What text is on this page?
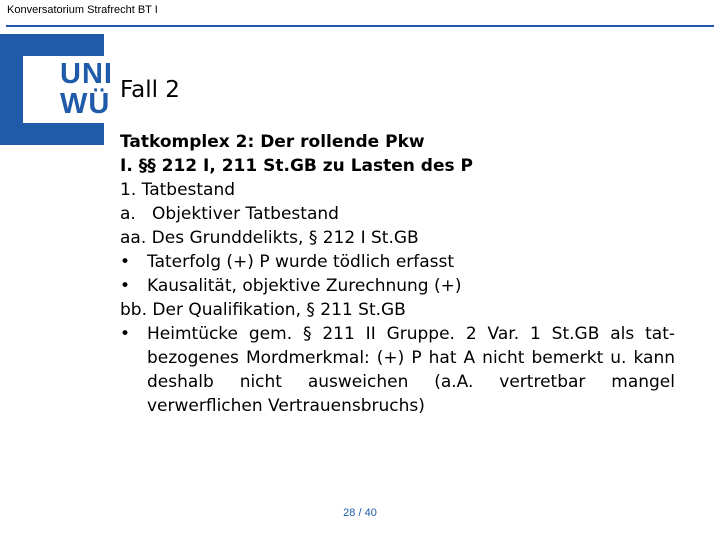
Konversatorium Strafrecht BT I
UNI
WÜ Fall 2
Tatkomplex 2: Der rollende Pkw
I. §§ 212 I, 211 St.GB zu Lasten des P
1. Tatbestand
a.   Objektiver Tatbestand
aa. Des Grunddelikts, § 212 I St.GB
• Taterfolg (+) P wurde tödlich erfasst
• Kausalität, objektive Zurechnung (+)
bb. Der Qualifikation, § 211 St.GB
• Heimtücke gem. § 211 II Gruppe. 2 Var. 1 St.GB als tat-bezogenes Mordmerkmal: (+) P hat A nicht bemerkt u. kann deshalb nicht ausweichen (a.A. vertretbar mangel verwerflichen Vertrauensbruchs)
28 / 40
